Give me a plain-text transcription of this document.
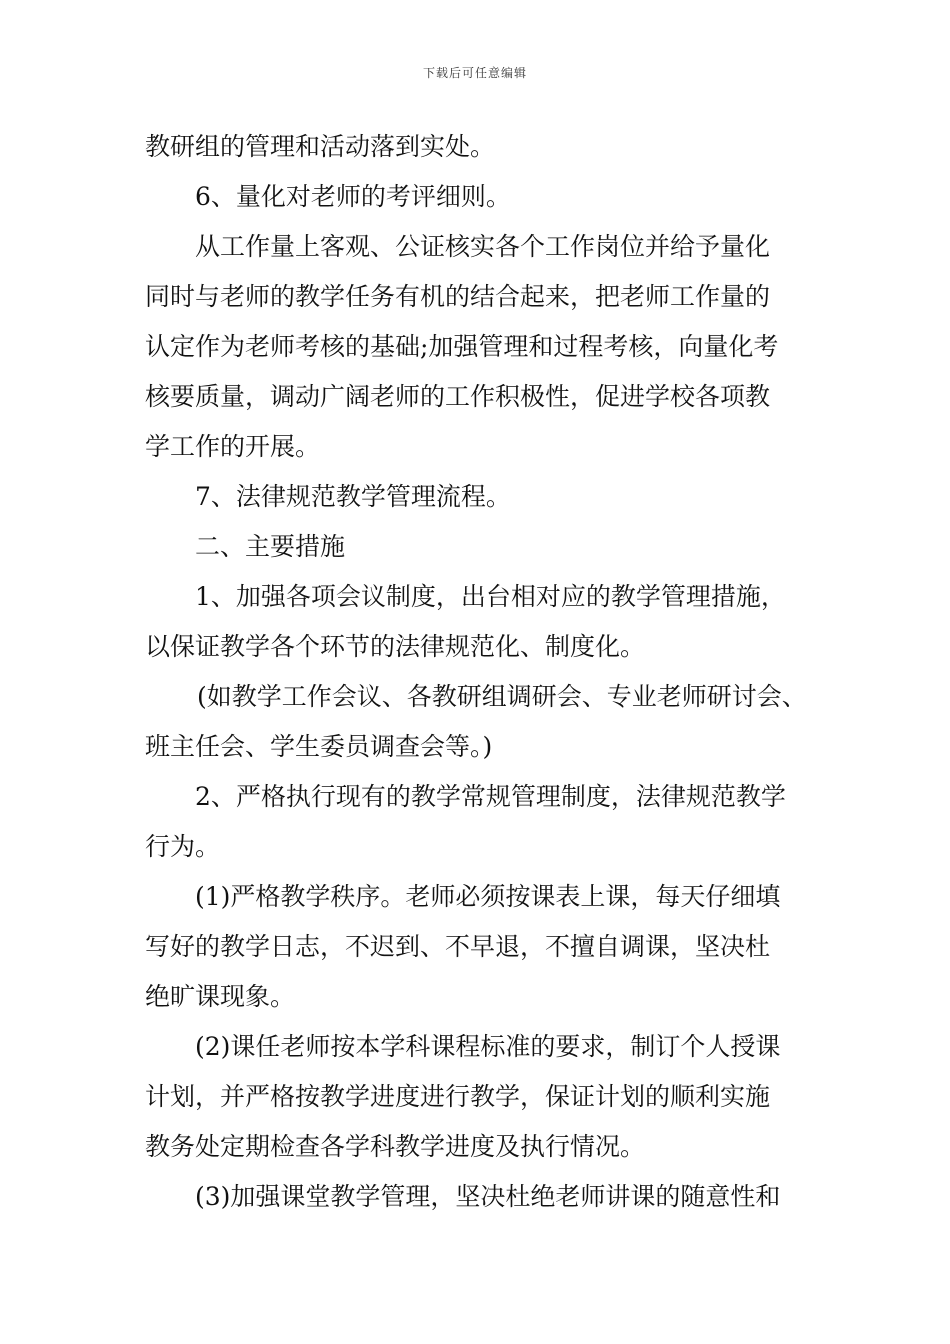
下载后可任意编辑
教研组的管理和活动落到实处。
6、量化对老师的考评细则。
从工作量上客观、公证核实各个工作岗位并给予量化
同时与老师的教学任务有机的结合起来，把老师工作量的
认定作为老师考核的基础;加强管理和过程考核，向量化考
核要质量，调动广阔老师的工作积极性，促进学校各项教
学工作的开展。
7、法律规范教学管理流程。
二、主要措施
1、加强各项会议制度，出台相对应的教学管理措施，
以保证教学各个环节的法律规范化、制度化。
(如教学工作会议、各教研组调研会、专业老师研讨会、
班主任会、学生委员调查会等。)
2、严格执行现有的教学常规管理制度，法律规范教学
行为。
(1)严格教学秩序。老师必须按课表上课，每天仔细填
写好的教学日志，不迟到、不早退，不擅自调课，坚决杜
绝旷课现象。
(2)课任老师按本学科课程标准的要求，制订个人授课
计划，并严格按教学进度进行教学，保证计划的顺利实施
教务处定期检查各学科教学进度及执行情况。
(3)加强课堂教学管理，坚决杜绝老师讲课的随意性和
